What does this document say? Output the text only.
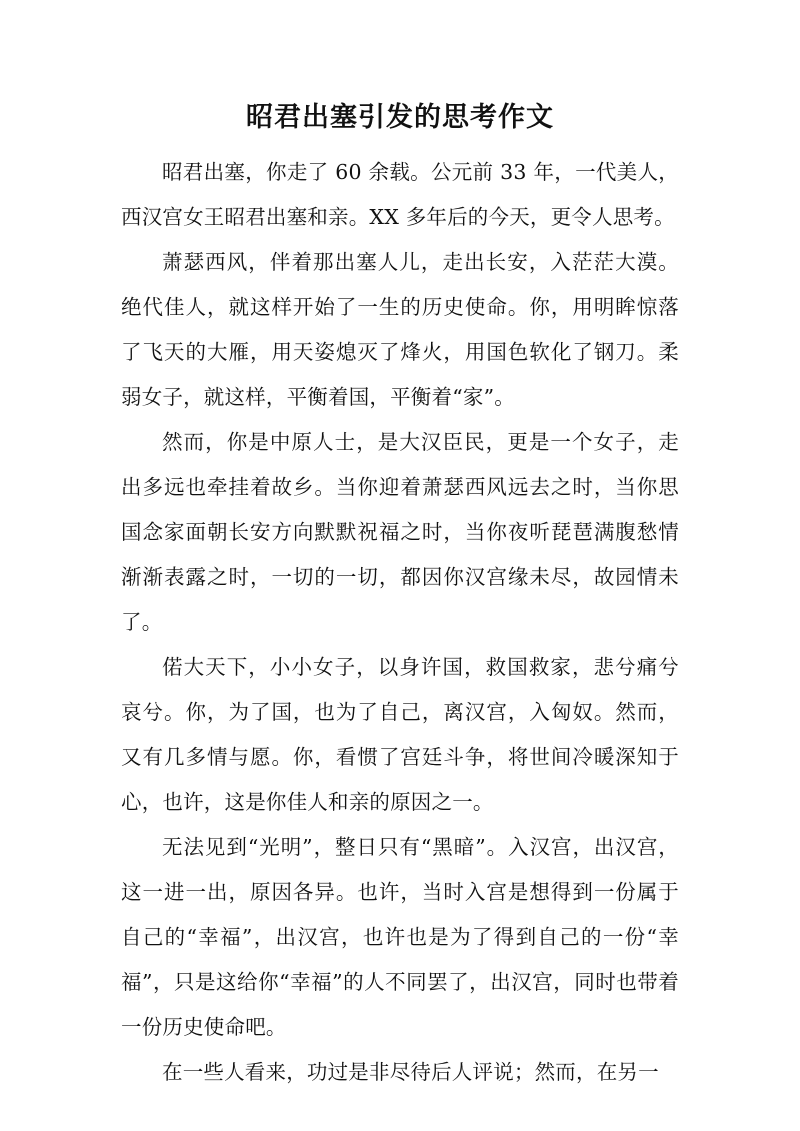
昭君出塞引发的思考作文

昭君出塞，你走了 60 余载。公元前 33 年，一代美人，西汉宫女王昭君出塞和亲。XX 多年后的今天，更令人思考。

萧瑟西风，伴着那出塞人儿，走出长安，入茫茫大漠。绝代佳人，就这样开始了一生的历史使命。你，用明眸惊落了飞天的大雁，用天姿熄灭了烽火，用国色软化了钢刀。柔弱女子，就这样，平衡着国，平衡着“家”。

然而，你是中原人士，是大汉臣民，更是一个女子，走出多远也牵挂着故乡。当你迎着萧瑟西风远去之时，当你思国念家面朝长安方向默默祝福之时，当你夜听琵琶满腹愁情渐渐表露之时，一切的一切，都因你汉宫缘未尽，故园情未了。

偌大天下，小小女子，以身许国，救国救家，悲兮痛兮哀兮。你，为了国，也为了自己，离汉宫，入匈奴。然而，又有几多情与愿。你，看惯了宫廷斗争，将世间冷暖深知于心，也许，这是你佳人和亲的原因之一。

无法见到“光明”，整日只有“黑暗”。入汉宫，出汉宫，这一进一出，原因各异。也许，当时入宫是想得到一份属于自己的“幸福”，出汉宫，也许也是为了得到自己的一份“幸福”，只是这给你“幸福”的人不同罢了，出汉宫，同时也带着一份历史使命吧。

在一些人看来，功过是非尽待后人评说；然而，在另一
